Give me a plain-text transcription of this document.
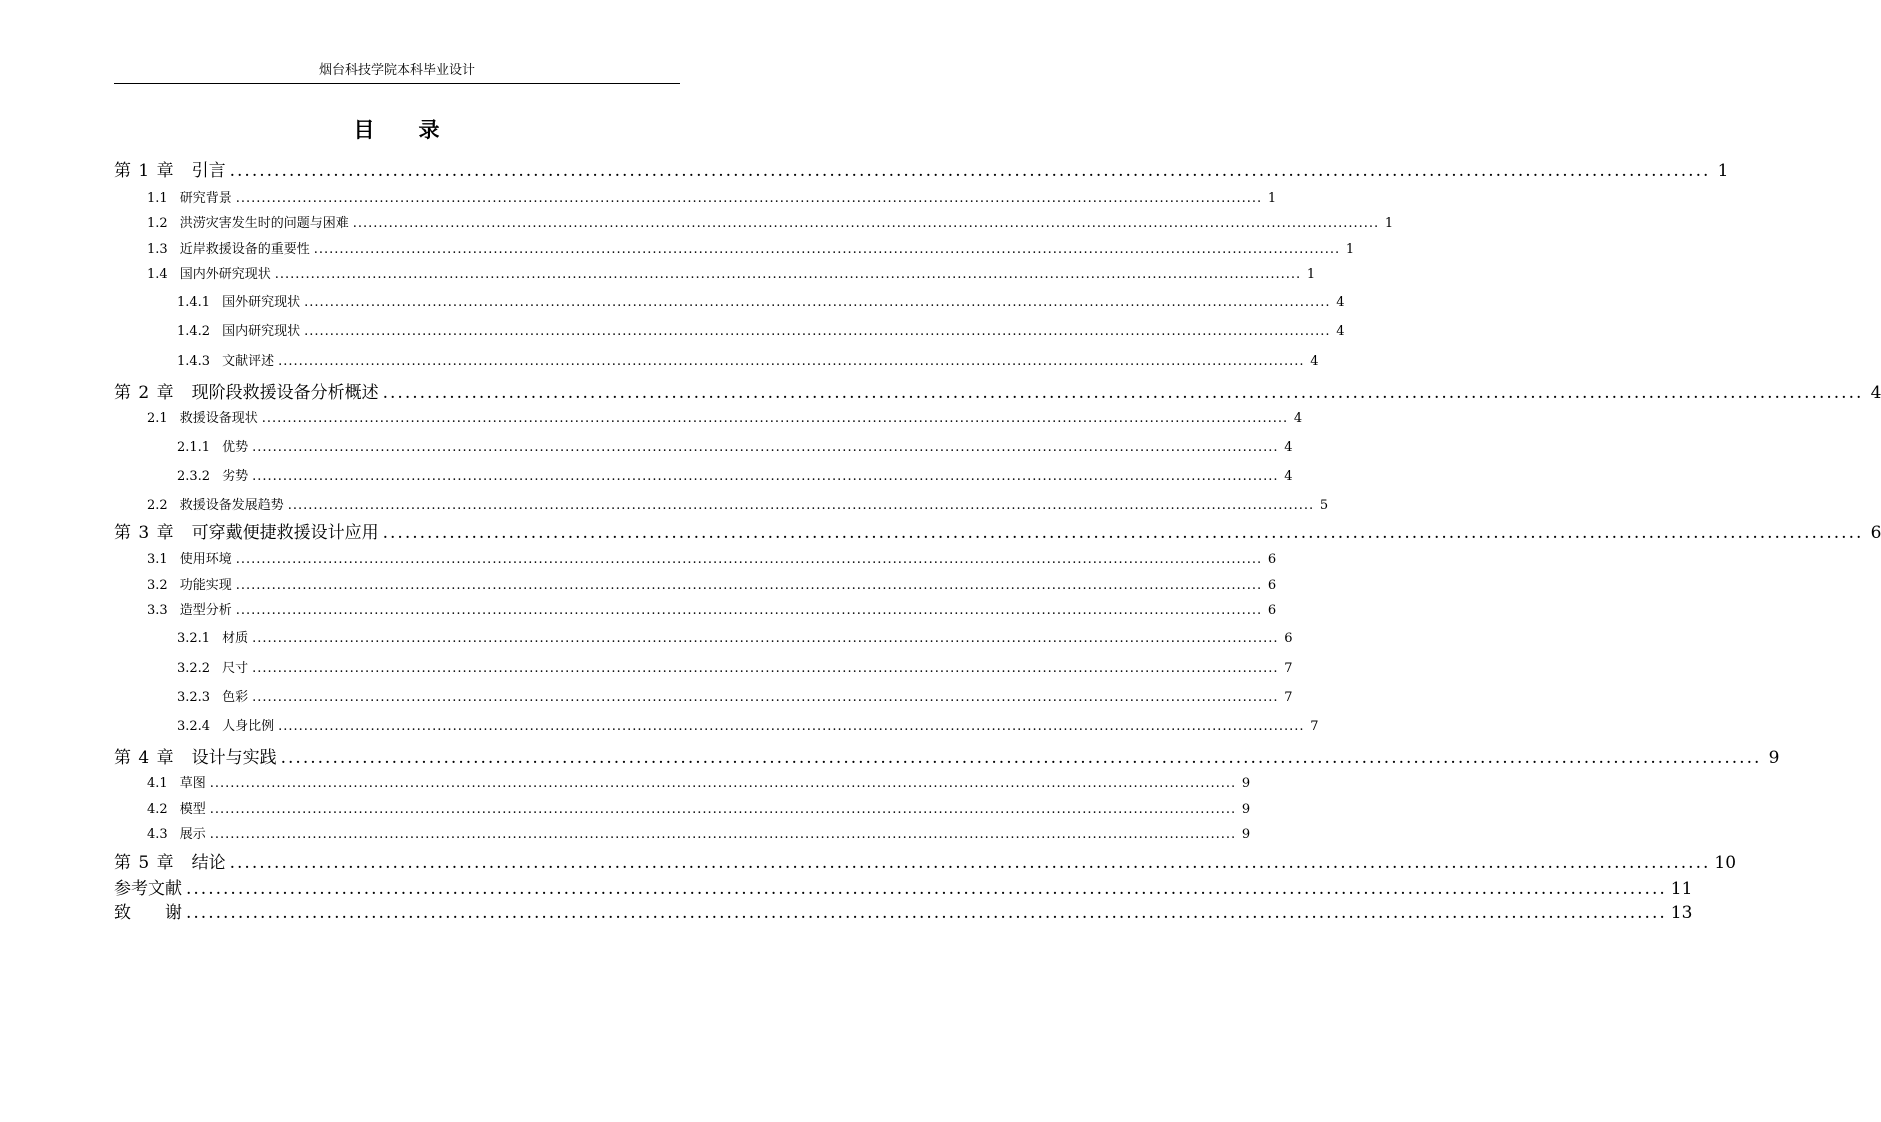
烟台科技学院本科毕业设计
目录
第 1 章 引言 ........................................................................................................................................................................................................ 1
1.1 研究背景 ........................................................................................................................................................................................................ 1
1.2 洪涝灾害发生时的问题与困难 ........................................................................................................................................................................................................ 1
1.3 近岸救援设备的重要性 ........................................................................................................................................................................................................ 1
1.4 国内外研究现状 ........................................................................................................................................................................................................ 1
1.4.1 国外研究现状 ........................................................................................................................................................................................................ 4
1.4.2 国内研究现状 ........................................................................................................................................................................................................ 4
1.4.3 文献评述 ........................................................................................................................................................................................................ 4
第 2 章 现阶段救援设备分析概述 ........................................................................................................................................................................................................ 4
2.1 救援设备现状 ........................................................................................................................................................................................................ 4
2.1.1 优势 ........................................................................................................................................................................................................ 4
2.3.2 劣势 ........................................................................................................................................................................................................ 4
2.2 救援设备发展趋势 ........................................................................................................................................................................................................ 5
第 3 章 可穿戴便捷救援设计应用 ........................................................................................................................................................................................................ 6
3.1 使用环境 ........................................................................................................................................................................................................ 6
3.2 功能实现 ........................................................................................................................................................................................................ 6
3.3 造型分析 ........................................................................................................................................................................................................ 6
3.2.1 材质 ........................................................................................................................................................................................................ 6
3.2.2 尺寸 ........................................................................................................................................................................................................ 7
3.2.3 色彩 ........................................................................................................................................................................................................ 7
3.2.4 人身比例 ........................................................................................................................................................................................................ 7
第 4 章 设计与实践 ........................................................................................................................................................................................................ 9
4.1 草图 ........................................................................................................................................................................................................ 9
4.2 模型 ........................................................................................................................................................................................................ 9
4.3 展示 ........................................................................................................................................................................................................ 9
第 5 章 结论 ........................................................................................................................................................................................................ 10
参考文献 ........................................................................................................................................................................................................ 11
致　　谢 ........................................................................................................................................................................................................ 13
